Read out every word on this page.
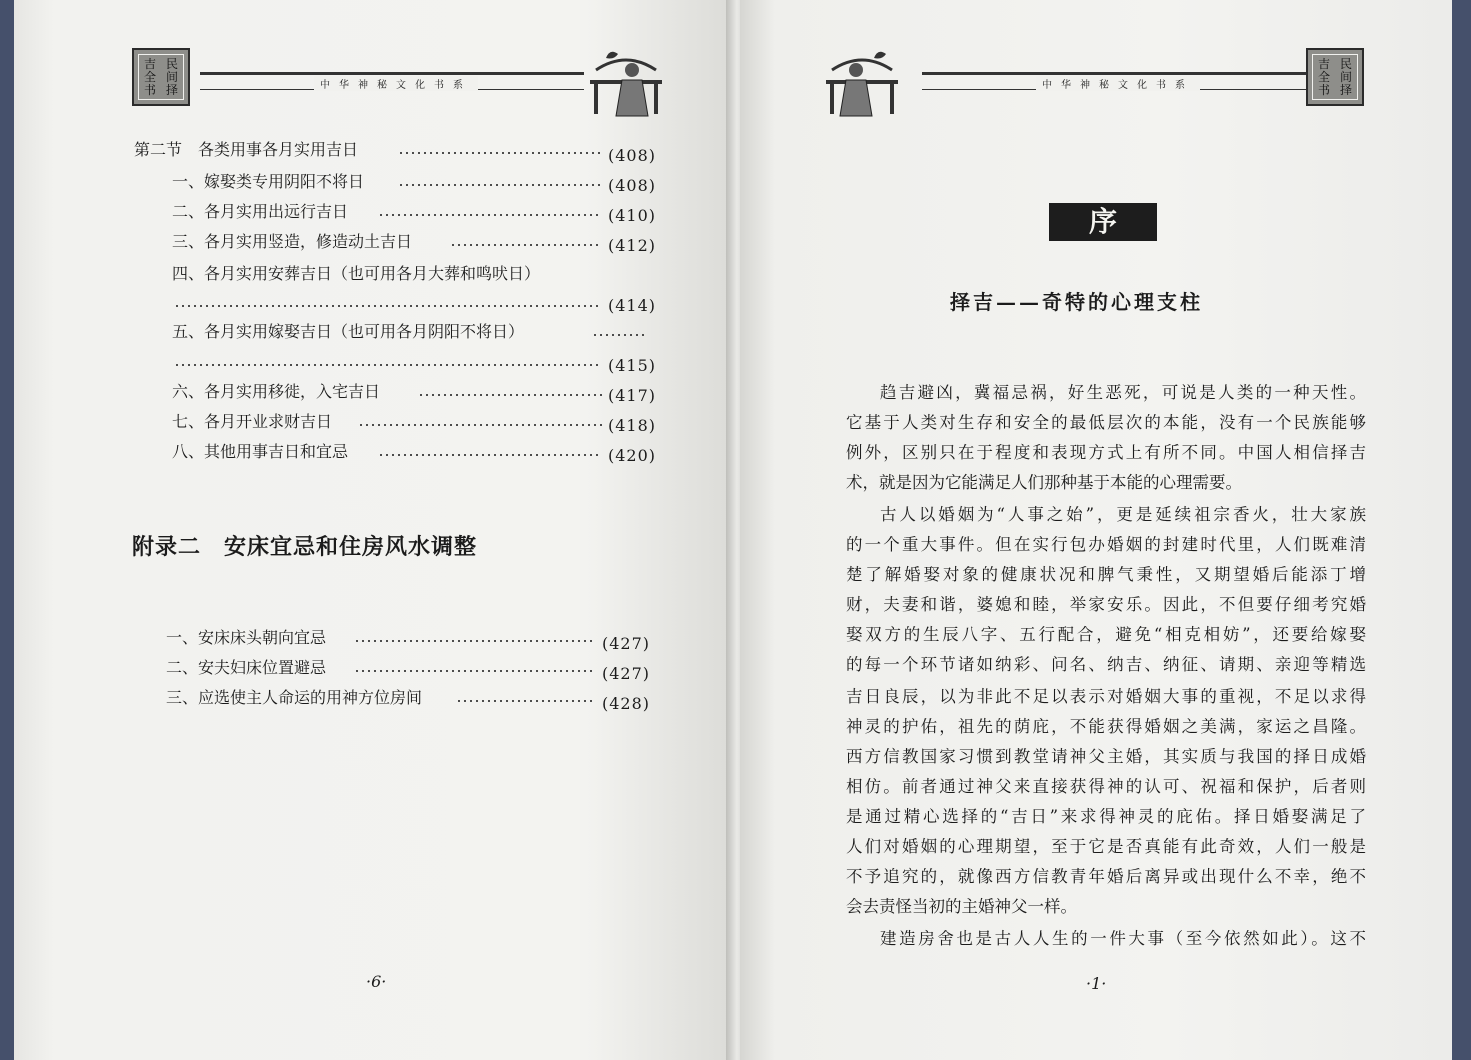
吉 民
全 间
书 择	中华神秘文化书系
第二节　各类用事各月实用吉日	(408)
一、嫁娶类专用阴阳不将日	(408)
二、各月实用出远行吉日	(410)
三、各月实用竖造，修造动土吉日	(412)
四、各月实用安葬吉日（也可用各月大葬和鸣吠日）
(414)
五、各月实用嫁娶吉日（也可用各月阴阳不将日）
(415)
六、各月实用移徙，入宅吉日	(417)
七、各月开业求财吉日	(418)
八、其他用事吉日和宜忌	(420)
附录二　安床宜忌和住房风水调整
一、安床床头朝向宜忌	(427)
二、安夫妇床位置避忌	(427)
三、应选使主人命运的用神方位房间	(428)
·6·
中华神秘文化书系
吉 民
全 间
书 择
序
择吉——奇特的心理支柱
趋吉避凶，冀福忌祸，好生恶死，可说是人类的一种天性。
它基于人类对生存和安全的最低层次的本能，没有一个民族能够
例外，区别只在于程度和表现方式上有所不同。中国人相信择吉
术，就是因为它能满足人们那种基于本能的心理需要。
古人以婚姻为“人事之始”，更是延续祖宗香火，壮大家族
的一个重大事件。但在实行包办婚姻的封建时代里，人们既难清
楚了解婚娶对象的健康状况和脾气秉性，又期望婚后能添丁增
财，夫妻和谐，婆媳和睦，举家安乐。因此，不但要仔细考究婚
娶双方的生辰八字、五行配合，避免“相克相妨”，还要给嫁娶
的每一个环节诸如纳彩、问名、纳吉、纳征、请期、亲迎等精选
吉日良辰，以为非此不足以表示对婚姻大事的重视，不足以求得
神灵的护佑，祖先的荫庇，不能获得婚姻之美满，家运之昌隆。
西方信教国家习惯到教堂请神父主婚，其实质与我国的择日成婚
相仿。前者通过神父来直接获得神的认可、祝福和保护，后者则
是通过精心选择的“吉日”来求得神灵的庇佑。择日婚娶满足了
人们对婚姻的心理期望，至于它是否真能有此奇效，人们一般是
不予追究的，就像西方信教青年婚后离异或出现什么不幸，绝不
会去责怪当初的主婚神父一样。
建造房舍也是古人人生的一件大事（至今依然如此）。这不
·1·
